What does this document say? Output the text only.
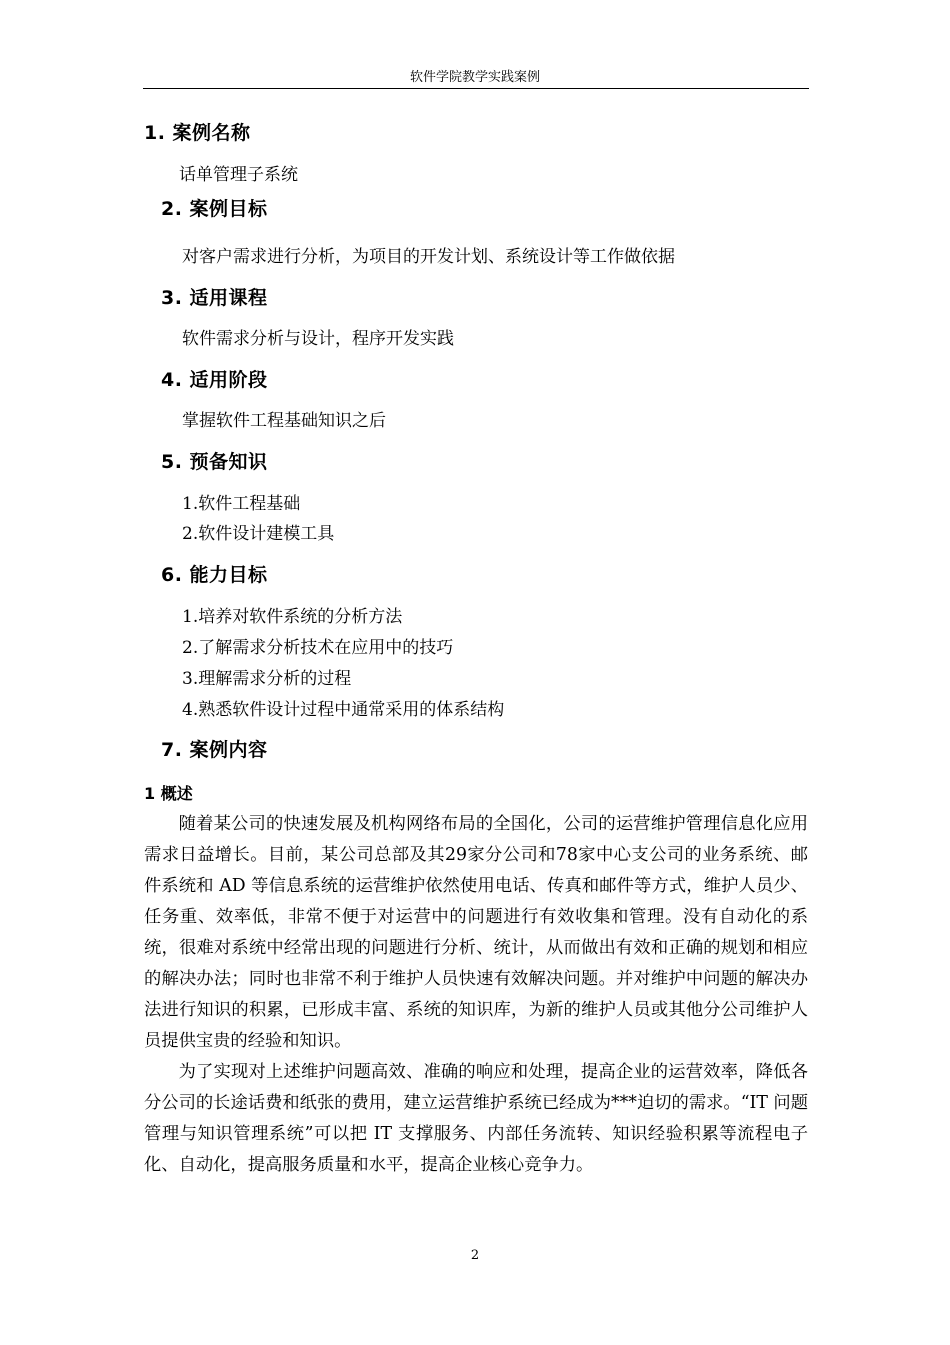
软件学院教学实践案例
1. 案例名称
话单管理子系统
2. 案例目标
对客户需求进行分析，为项目的开发计划、系统设计等工作做依据
3. 适用课程
软件需求分析与设计，程序开发实践
4. 适用阶段
掌握软件工程基础知识之后
5. 预备知识
1.软件工程基础
2.软件设计建模工具
6. 能力目标
1.培养对软件系统的分析方法
2.了解需求分析技术在应用中的技巧
3.理解需求分析的过程
4.熟悉软件设计过程中通常采用的体系结构
7. 案例内容
1 概述
随着某公司的快速发展及机构网络布局的全国化，公司的运营维护管理信息化应用需求日益增长。目前，某公司总部及其29家分公司和78家中心支公司的业务系统、邮件系统和 AD 等信息系统的运营维护依然使用电话、传真和邮件等方式，维护人员少、任务重、效率低，非常不便于对运营中的问题进行有效收集和管理。没有自动化的系统，很难对系统中经常出现的问题进行分析、统计，从而做出有效和正确的规划和相应的解决办法；同时也非常不利于维护人员快速有效解决问题。并对维护中问题的解决办法进行知识的积累，已形成丰富、系统的知识库，为新的维护人员或其他分公司维护人员提供宝贵的经验和知识。
为了实现对上述维护问题高效、准确的响应和处理，提高企业的运营效率，降低各分公司的长途话费和纸张的费用，建立运营维护系统已经成为***迫切的需求。“IT 问题管理与知识管理系统”可以把 IT 支撑服务、内部任务流转、知识经验积累等流程电子化、自动化，提高服务质量和水平，提高企业核心竞争力。
2
